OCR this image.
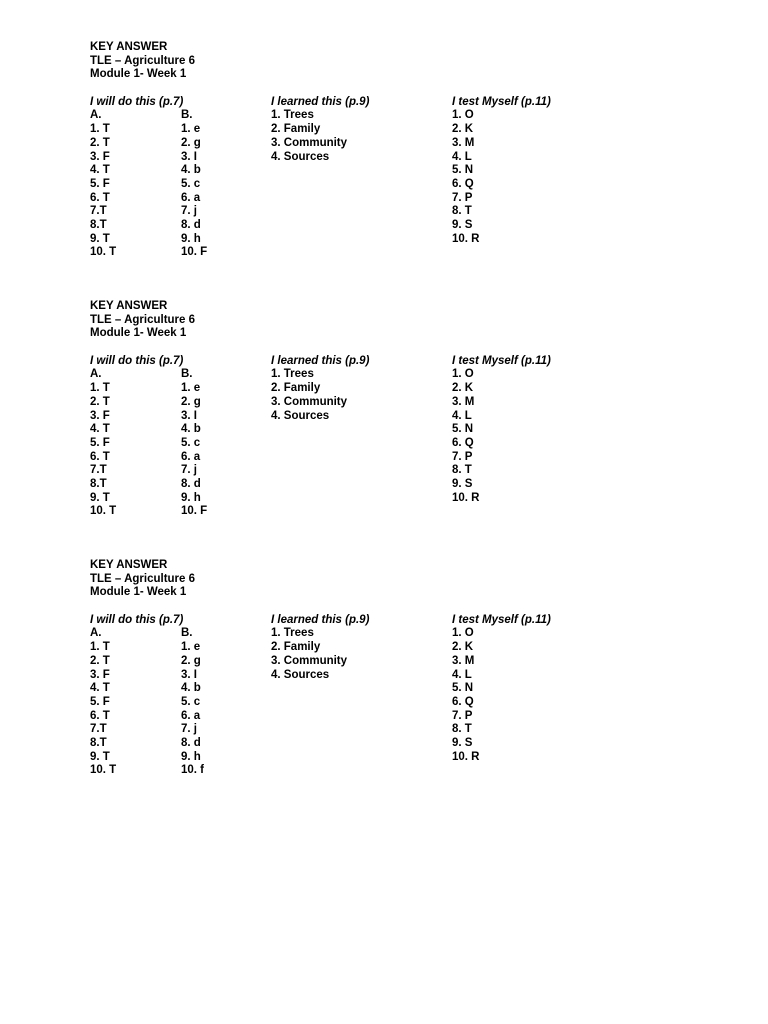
KEY ANSWER
TLE – Agriculture 6
Module 1- Week 1
I will do this (p.7)
A.
1. T
2. T
3. F
4. T
5. F
6. T
7.T
8.T
9. T
10. T
B.
1. e
2. g
3. I
4. b
5. c
6. a
7. j
8. d
9. h
10. F
I learned this (p.9)
1. Trees
2. Family
3. Community
4. Sources
I test Myself (p.11)
1. O
2. K
3. M
4. L
5. N
6. Q
7. P
8. T
9. S
10. R
KEY ANSWER
TLE – Agriculture 6
Module 1- Week 1
I will do this (p.7)
A.
1. T
2. T
3. F
4. T
5. F
6. T
7.T
8.T
9. T
10. T
B.
1. e
2. g
3. I
4. b
5. c
6. a
7. j
8. d
9. h
10. F
I learned this (p.9)
1. Trees
2. Family
3. Community
4. Sources
I test Myself (p.11)
1. O
2. K
3. M
4. L
5. N
6. Q
7. P
8. T
9. S
10. R
KEY ANSWER
TLE – Agriculture 6
Module 1- Week 1
I will do this (p.7)
A.
1. T
2. T
3. F
4. T
5. F
6. T
7.T
8.T
9. T
10. T
B.
1. e
2. g
3. I
4. b
5. c
6. a
7. j
8. d
9. h
10. f
I learned this (p.9)
1. Trees
2. Family
3. Community
4. Sources
I test Myself (p.11)
1. O
2. K
3. M
4. L
5. N
6. Q
7. P
8. T
9. S
10. R
